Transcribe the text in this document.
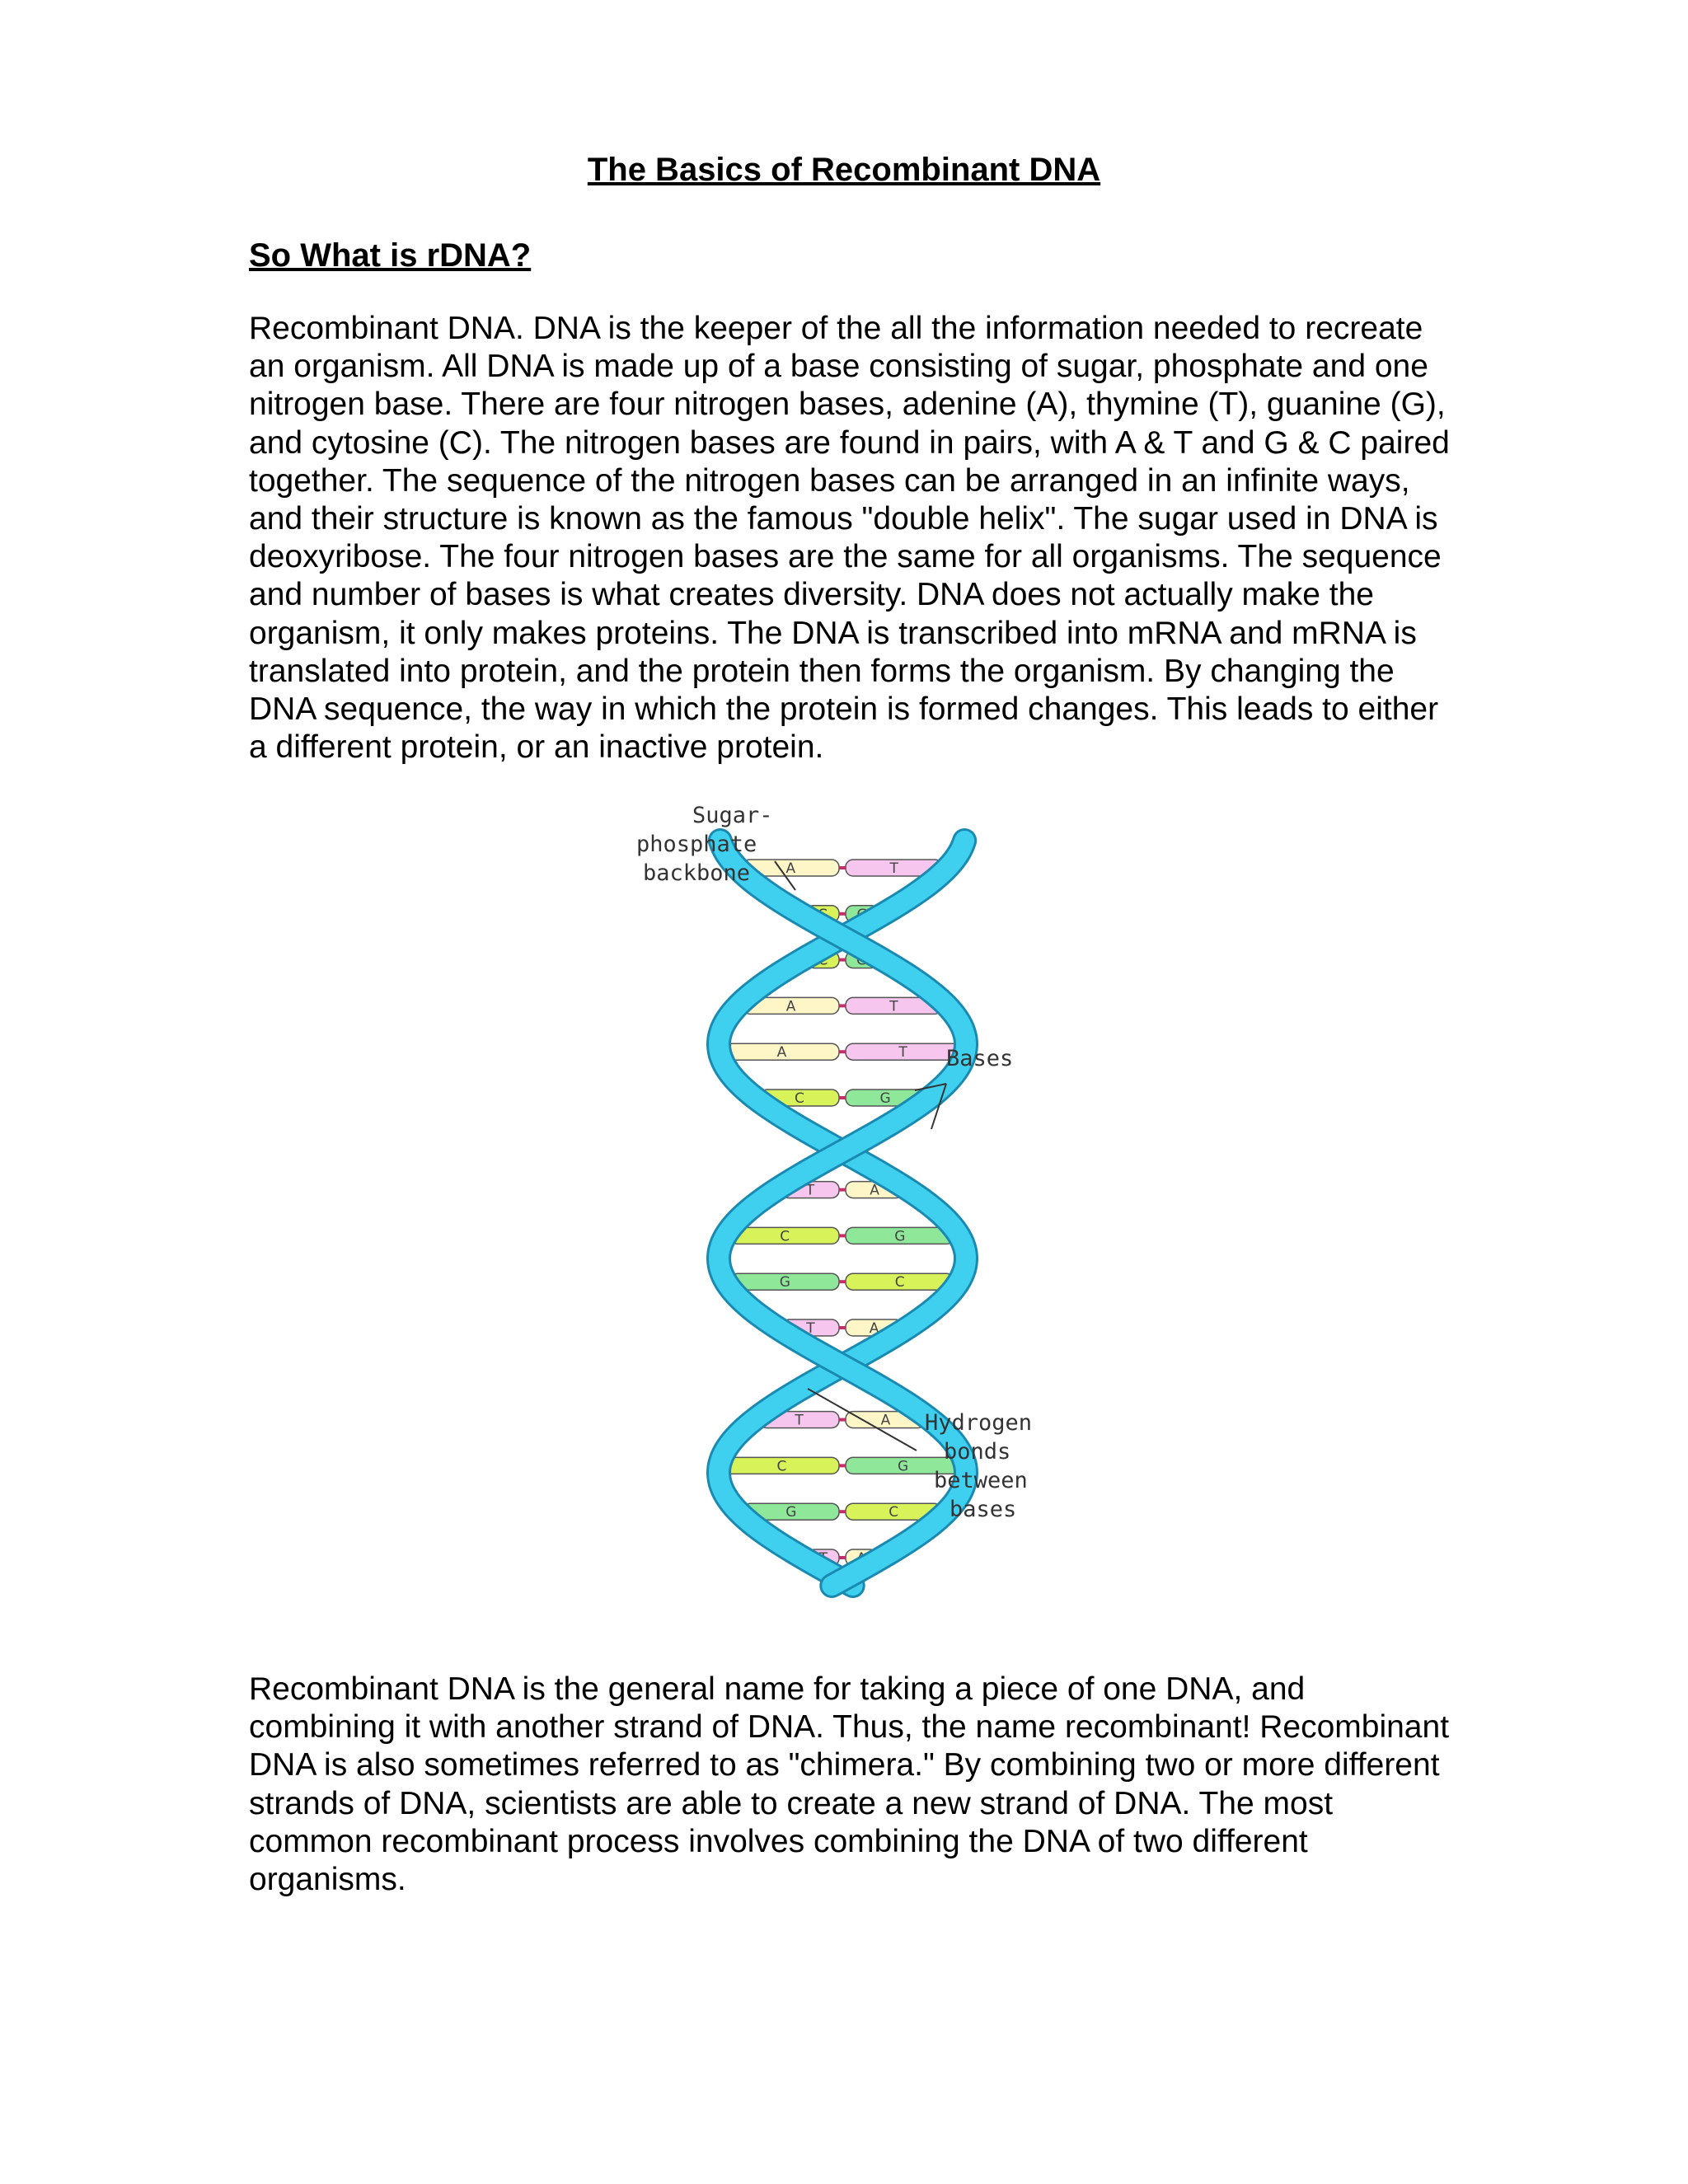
The Basics of Recombinant DNA
So What is rDNA?

Recombinant DNA. DNA is the keeper of the all the information needed to recreate an organism. All DNA is made up of a base consisting of sugar, phosphate and one nitrogen base. There are four nitrogen bases, adenine (A), thymine (T), guanine (G), and cytosine (C). The nitrogen bases are found in pairs, with A & T and G & C paired together. The sequence of the nitrogen bases can be arranged in an infinite ways, and their structure is known as the famous "double helix". The sugar used in DNA is deoxyribose. The four nitrogen bases are the same for all organisms. The sequence and number of bases is what creates diversity. DNA does not actually make the organism, it only makes proteins. The DNA is transcribed into mRNA and mRNA is translated into protein, and the protein then forms the organism. By changing the DNA sequence, the way in which the protein is formed changes. This leads to either a different protein, or an inactive protein.

A	T
C G
C G
A	T
A	T
C	G
G C
T	A
C	G
G	C
T	A
T A
T	A
C	G
G	C
T A
Sugar-
phosphate
backbone
Bases
Hydrogen
bonds
between
bases

Recombinant DNA is the general name for taking a piece of one DNA, and combining it with another strand of DNA. Thus, the name recombinant! Recombinant DNA is also sometimes referred to as "chimera." By combining two or more different strands of DNA, scientists are able to create a new strand of DNA. The most common recombinant process involves combining the DNA of two different organisms.
